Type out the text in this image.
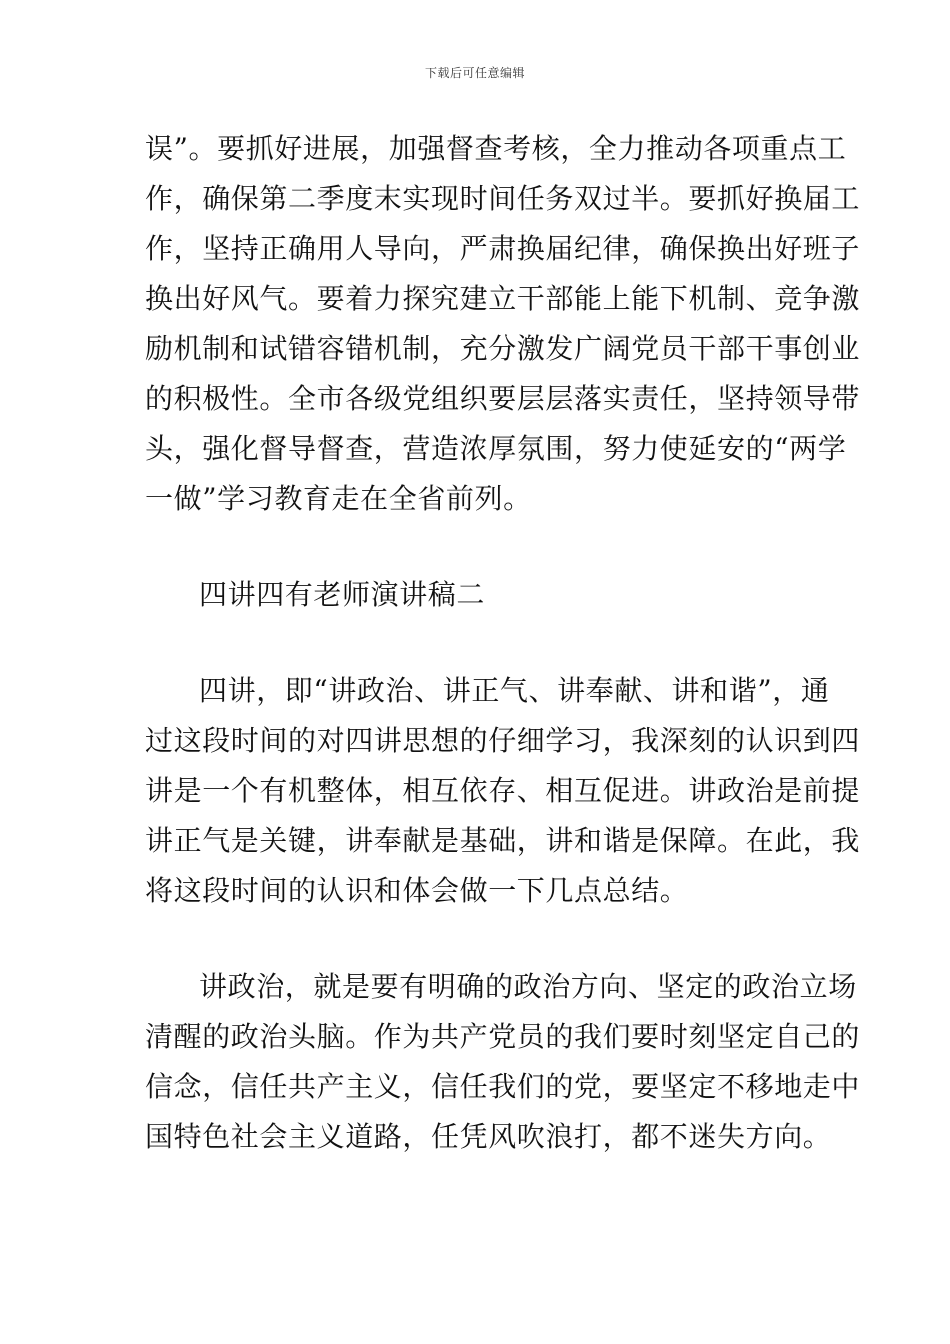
下载后可任意编辑
误”。要抓好进展，加强督查考核，全力推动各项重点工
作，确保第二季度末实现时间任务双过半。要抓好换届工
作，坚持正确用人导向，严肃换届纪律，确保换出好班子
换出好风气。要着力探究建立干部能上能下机制、竞争激
励机制和试错容错机制，充分激发广阔党员干部干事创业
的积极性。全市各级党组织要层层落实责任，坚持领导带
头，强化督导督查，营造浓厚氛围，努力使延安的“两学
一做”学习教育走在全省前列。
四讲四有老师演讲稿二
四讲，即“讲政治、讲正气、讲奉献、讲和谐”，通
过这段时间的对四讲思想的仔细学习，我深刻的认识到四
讲是一个有机整体，相互依存、相互促进。讲政治是前提
讲正气是关键，讲奉献是基础，讲和谐是保障。在此，我
将这段时间的认识和体会做一下几点总结。
讲政治，就是要有明确的政治方向、坚定的政治立场
清醒的政治头脑。作为共产党员的我们要时刻坚定自己的
信念，信任共产主义，信任我们的党，要坚定不移地走中
国特色社会主义道路，任凭风吹浪打，都不迷失方向。
